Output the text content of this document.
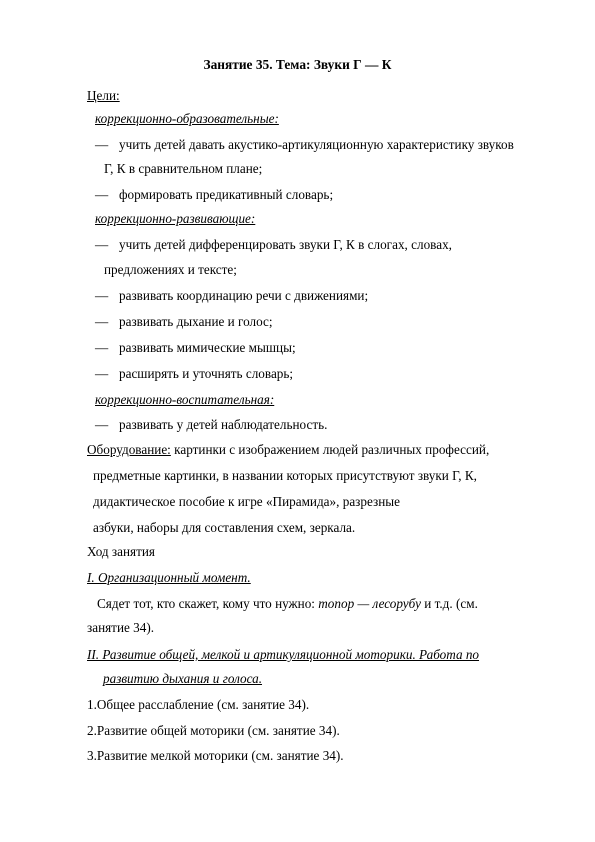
Занятие 35. Тема: Звуки Г — К
Цели:
коррекционно-образовательные:
— учить детей давать акустико-артикуляционную характеристику звуков
Г, К в сравнительном плане;
— формировать предикативный словарь;
коррекционно-развивающие:
— учить детей дифференцировать звуки Г, К в слогах, словах,
предложениях и тексте;
— развивать координацию речи с движениями;
— развивать дыхание и голос;
— развивать мимические мышцы;
— расширять и уточнять словарь;
коррекционно-воспитательная:
— развивать у детей наблюдательность.
Оборудование: картинки с изображением людей различных профессий,
предметные картинки, в названии которых присутствуют звуки Г, К,
дидактическое пособие к игре «Пирамида», разрезные
азбуки, наборы для составления схем, зеркала.
Ход занятия
I. Организационный момент.
Сядет тот, кто скажет, кому что нужно: топор — лесорубу и т.д. (см.
занятие 34).
II. Развитие общей, мелкой и артикуляционной моторики. Работа по
развитию дыхания и голоса.
1.Общее расслабление (см. занятие 34).
2.Развитие общей моторики (см. занятие 34).
3.Развитие мелкой моторики (см. занятие 34).
